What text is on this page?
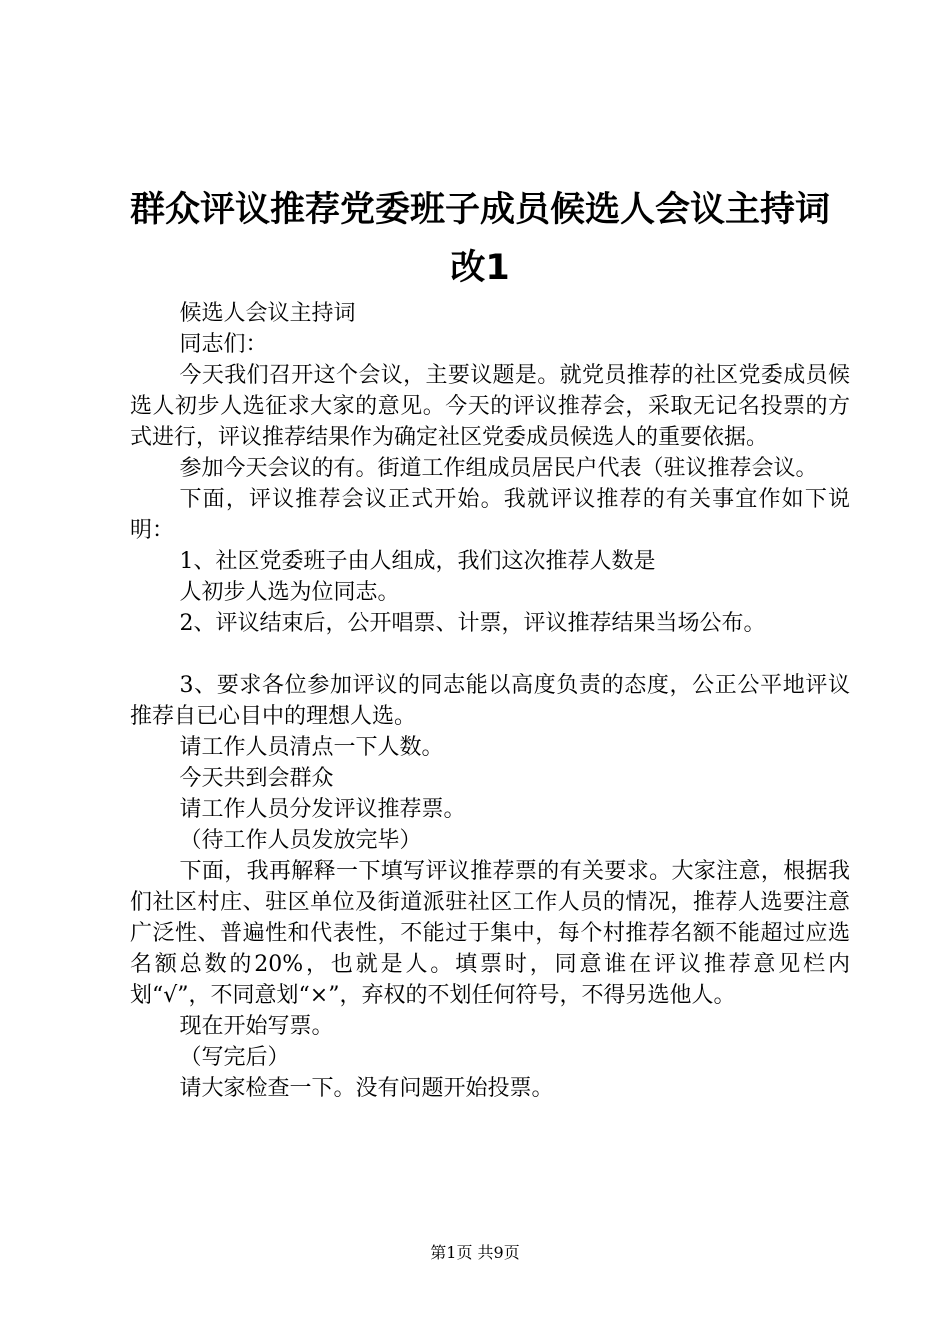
群众评议推荐党委班子成员候选人会议主持词
改1

候选人会议主持词

同志们：

今天我们召开这个会议，主要议题是。就党员推荐的社区党委成员候选人初步人选征求大家的意见。今天的评议推荐会，采取无记名投票的方式进行，评议推荐结果作为确定社区党委成员候选人的重要依据。

参加今天会议的有。街道工作组成员居民户代表（驻议推荐会议。

下面，评议推荐会议正式开始。我就评议推荐的有关事宜作如下说明：

1、社区党委班子由人组成，我们这次推荐人数是

人初步人选为位同志。

2、评议结束后，公开唱票、计票，评议推荐结果当场公布。

3、要求各位参加评议的同志能以高度负责的态度，公正公平地评议推荐自已心目中的理想人选。

请工作人员清点一下人数。

今天共到会群众

请工作人员分发评议推荐票。

（待工作人员发放完毕）

下面，我再解释一下填写评议推荐票的有关要求。大家注意，根据我们社区村庄、驻区单位及街道派驻社区工作人员的情况，推荐人选要注意广泛性、普遍性和代表性，不能过于集中，每个村推荐名额不能超过应选名额总数的20%，也就是人。填票时，同意谁在评议推荐意见栏内划“√”，不同意划“×”，弃权的不划任何符号，不得另选他人。

现在开始写票。

（写完后）

请大家检查一下。没有问题开始投票。

第1页 共9页
